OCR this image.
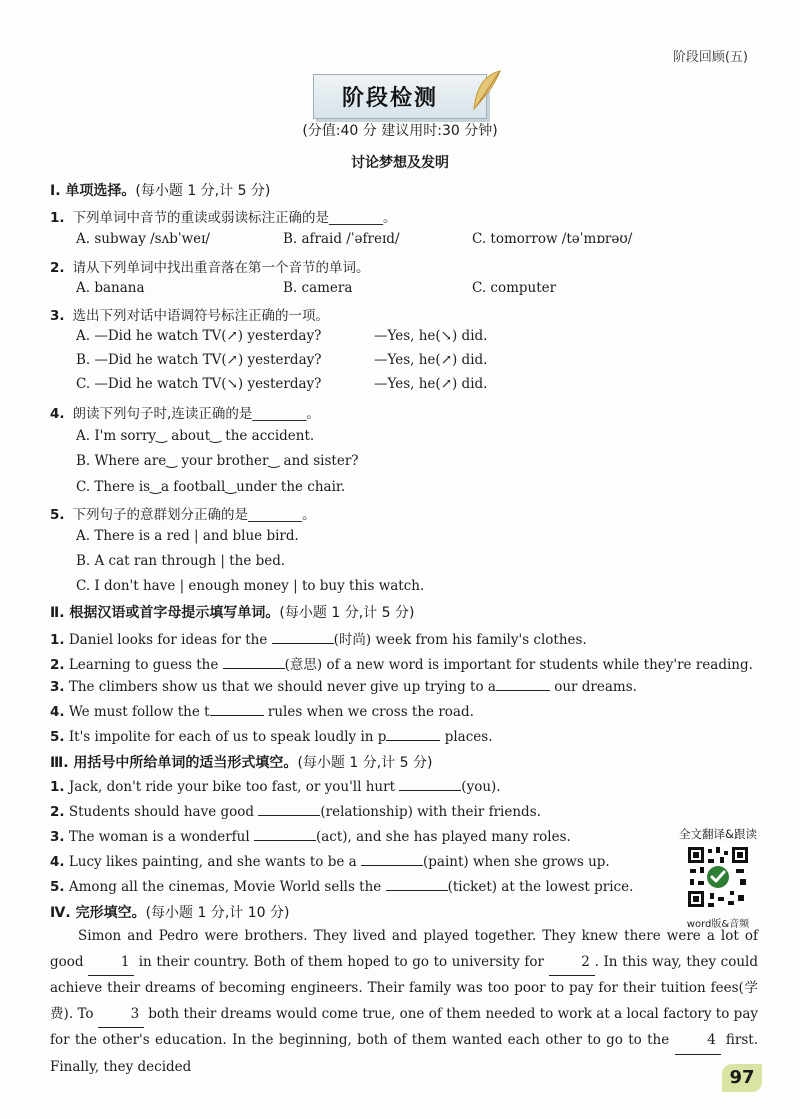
阶段回顾(五)
阶段检测
(分值:40 分 建议用时:30 分钟)
讨论梦想及发明
Ⅰ. 单项选择。(每小题 1 分,计 5 分)
1. 下列单词中音节的重读或弱读标注正确的是________。
A. subway /sʌbˈweɪ/	B. afraid /ˈəfreɪd/	C. tomorrow /təˈmɒrəʊ/
2. 请从下列单词中找出重音落在第一个音节的单词。
A. banana	B. camera	C. computer
3. 选出下列对话中语调符号标注正确的一项。
A. —Did he watch TV(↗) yesterday?	—Yes, he(↘) did.
B. —Did he watch TV(↗) yesterday?	—Yes, he(↗) did.
C. —Did he watch TV(↘) yesterday?	—Yes, he(↗) did.
4. 朗读下列句子时,连读正确的是________。
A. I'm sorry‿ about‿ the accident.
B. Where are‿ your brother‿ and sister?
C. There is‿a football‿under the chair.
5. 下列句子的意群划分正确的是________。
A. There is a red | and blue bird.
B. A cat ran through | the bed.
C. I don't have | enough money | to buy this watch.
Ⅱ. 根据汉语或首字母提示填写单词。(每小题 1 分,计 5 分)
1. Daniel looks for ideas for the	(时尚) week from his family's clothes.
2. Learning to guess the	(意思) of a new word is important for students while they're reading.
3. The climbers show us that we should never give up trying to a	our dreams.
4. We must follow the t	rules when we cross the road.
5. It's impolite for each of us to speak loudly in p	places.
Ⅲ. 用括号中所给单词的适当形式填空。(每小题 1 分,计 5 分)
1. Jack, don't ride your bike too fast, or you'll hurt	(you).
2. Students should have good	(relationship) with their friends.
3. The woman is a wonderful	(act), and she has played many roles.
4. Lucy likes painting, and she wants to be a	(paint) when she grows up.
5. Among all the cinemas, Movie World sells the	(ticket) at the lowest price.
全文翻译&跟读
word版&音频
Ⅳ. 完形填空。(每小题 1 分,计 10 分)

Simon and Pedro were brothers. They lived and played together. They knew there were a lot of good	1 in their country. Both of them hoped to go to university for	2 . In this way, they could achieve their dreams of becoming engineers. Their family was too poor to pay for their tuition fees(学费). To	3 both their dreams would come true, one of them needed to work at a local factory to pay for the other's education. In the beginning, both of them wanted each other to go to the	4 first. Finally, they decided

97
